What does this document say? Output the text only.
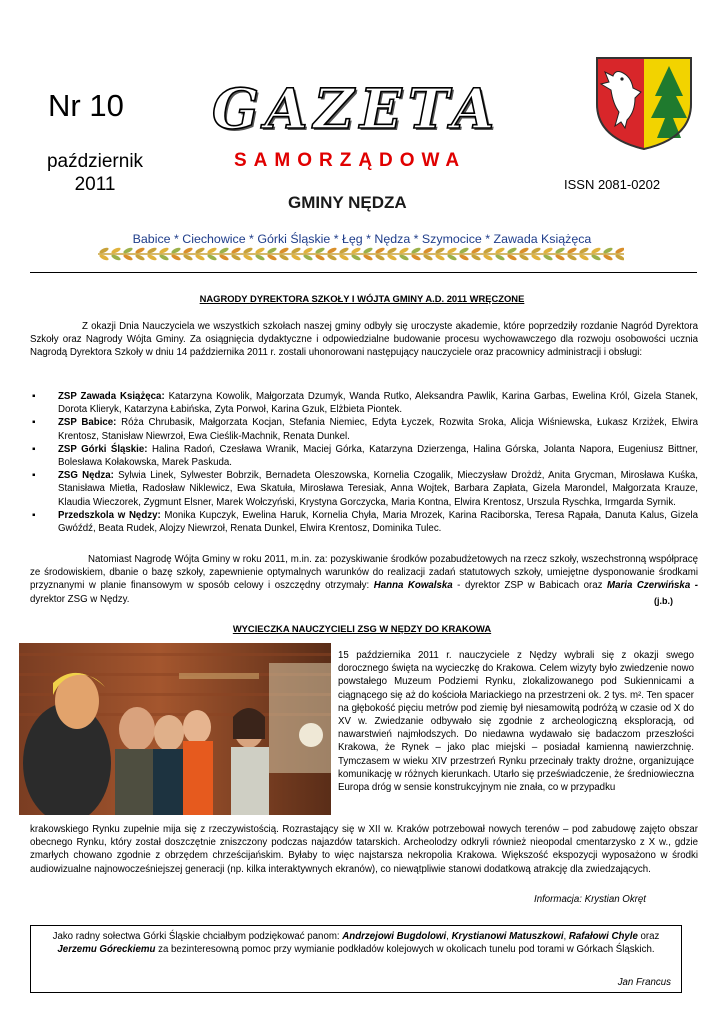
Nr 10
październik
2011
GAZETA
SAMORZĄDOWA
GMINY NĘDZA
ISSN 2081-0202
Babice * Ciechowice * Górki Śląskie * Łęg * Nędza * Szymocice * Zawada Książęca
NAGRODY DYREKTORA SZKOŁY I WÓJTA GMINY A.D. 2011 WRĘCZONE
Z okazji Dnia Nauczyciela we wszystkich szkołach naszej gminy odbyły się uroczyste akademie, które poprzedziły rozdanie Nagród Dyrektora Szkoły oraz Nagrody Wójta Gminy. Za osiągnięcia dydaktyczne i odpowiedzialne budowanie procesu wychowawczego dla rozwoju osobowości ucznia Nagrodą Dyrektora Szkoły w dniu 14 października 2011 r. zostali uhonorowani następujący nauczyciele oraz pracownicy administracji i obsługi:
▪ ZSP Zawada Książęca: Katarzyna Kowolik, Małgorzata Dzumyk, Wanda Rutko, Aleksandra Pawlik, Karina Garbas, Ewelina Król, Gizela Stanek, Dorota Klieryk, Katarzyna Łabińska, Zyta Porwoł, Karina Gzuk, Elżbieta Piontek.
▪ ZSP Babice: Róża Chrubasik, Małgorzata Kocjan, Stefania Niemiec, Edyta Łyczek, Rozwita Sroka, Alicja Wiśniewska, Łukasz Krziżek, Elwira Krentosz, Stanisław Niewrzoł, Ewa Cieślik-Machnik, Renata Dunkel.
▪ ZSP Górki Śląskie: Halina Radoń, Czesława Wranik, Maciej Górka, Katarzyna Dzierzenga, Halina Górska, Jolanta Napora, Eugeniusz Bittner, Bolesława Kołakowska, Marek Paskuda.
▪ ZSG Nędza: Sylwia Linek, Sylwester Bobrzik, Bernadeta Oleszowska, Kornelia Czogalik, Mieczysław Drożdż, Anita Grycman, Mirosława Kuśka, Stanisława Mietła, Radosław Niklewicz, Ewa Skatuła, Mirosława Teresiak, Anna Wojtek, Barbara Zapłata, Gizela Marondel, Małgorzata Krauze, Klaudia Wieczorek, Zygmunt Elsner, Marek Wołczyński, Krystyna Gorczycka, Maria Kontna, Elwira Krentosz, Urszula Ryschka, Irmgarda Syrnik.
▪ Przedszkola w Nędzy: Monika Kupczyk, Ewelina Haruk, Kornelia Chyła, Maria Mrozek, Karina Raciborska, Teresa Rąpała, Danuta Kalus, Gizela Gwóźdź, Beata Rudek, Alojzy Niewrzoł, Renata Dunkel, Elwira Krentosz, Dominika Tulec.
Natomiast Nagrodę Wójta Gminy w roku 2011, m.in. za: pozyskiwanie środków pozabudżetowych na rzecz szkoły, wszechstronną współpracę ze środowiskiem, dbanie o bazę szkoły, zapewnienie optymalnych warunków do realizacji zadań statutowych szkoły, umiejętne dysponowanie środkami przyznanymi w planie finansowym w sposób celowy i oszczędny otrzymały: Hanna Kowalska - dyrektor ZSP w Babicach oraz Maria Czerwińska - dyrektor ZSG w Nędzy.	(j.b.)
WYCIECZKA NAUCZYCIELI ZSG W NĘDZY DO KRAKOWA
15 października 2011 r. nauczyciele z Nędzy wybrali się z okazji swego dorocznego święta na wycieczkę do Krakowa. Celem wizyty było zwiedzenie nowo powstałego Muzeum Podziemi Rynku, zlokalizowanego pod Sukiennicami a ciągnącego się aż do kościoła Mariackiego na przestrzeni ok. 2 tys. m². Ten spacer na głębokość pięciu metrów pod ziemię był niesamowitą podróżą w czasie od X do XV w. Zwiedzanie odbywało się zgodnie z archeologiczną eksploracją, od nawarstwień najmłodszych. Do niedawna wydawało się badaczom przeszłości Krakowa, że Rynek – jako plac miejski – posiadał kamienną nawierzchnię. Tymczasem w wieku XIV przestrzeń Rynku przecinały trakty drożne, organizujące komunikację w różnych kierunkach. Utarło się przeświadczenie, że średniowieczna Europa dróg w sensie konstrukcyjnym nie znała, co w przypadku
krakowskiego Rynku zupełnie mija się z rzeczywistością. Rozrastający się w XII w. Kraków potrzebował nowych terenów – pod zabudowę zajęto obszar obecnego Rynku, który został doszczętnie zniszczony podczas najazdów tatarskich. Archeolodzy odkryli również nieopodal cmentarzysko z X w., gdzie zmarłych chowano zgodnie z obrzędem chrześcijańskim. Byłaby to więc najstarsza nekropolia Krakowa. Większość ekspozycji wyposażono w środki audiowizualne najnowocześniejszej generacji (np. kilka interaktywnych ekranów), co niewątpliwie stanowi dodatkową atrakcję dla zwiedzających.
Informacja: Krystian Okręt
Jako radny sołectwa Górki Śląskie chciałbym podziękować panom: Andrzejowi Bugdolowi, Krystianowi Matuszkowi, Rafałowi Chyle oraz Jerzemu Góreckiemu za bezinteresowną pomoc przy wymianie podkładów kolejowych w okolicach tunelu pod torami w Górkach Śląskich.
Jan Francus
